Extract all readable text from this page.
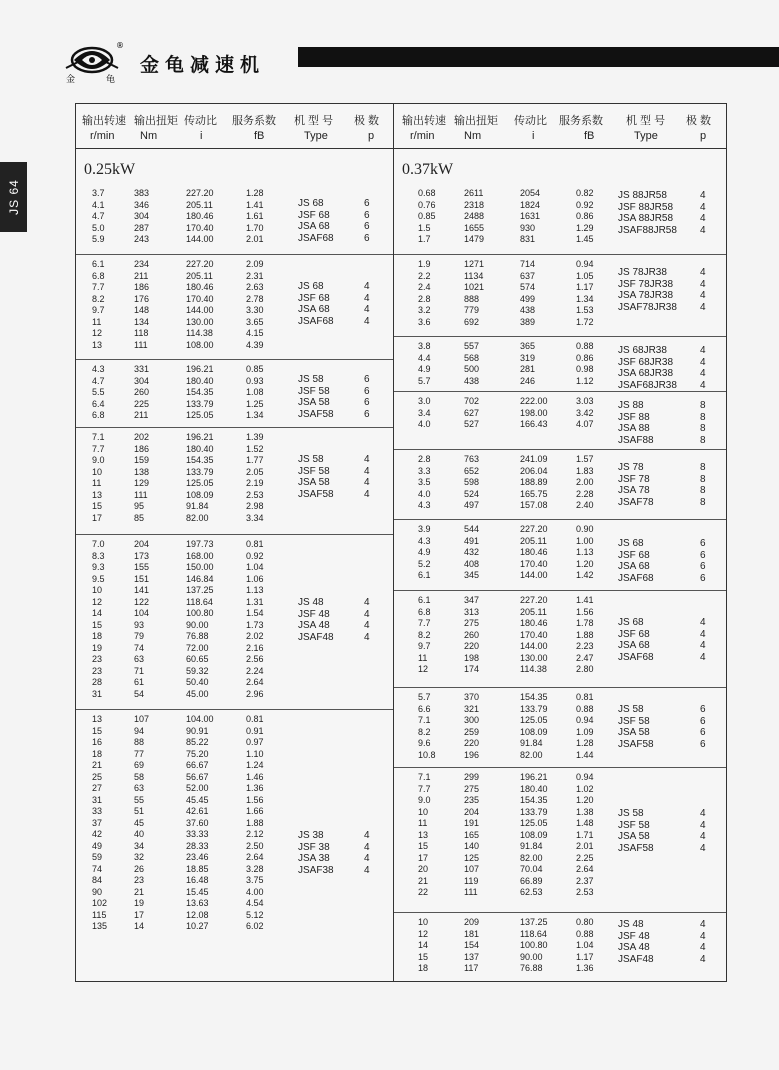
JS 64
金	龟
®
金龟减速机
输出转速
r/min
输出扭矩
Nm
传动比
i
服务系数
fB
机 型 号
Type
极 数
p
0.25kW
3.7	383	227.20	1.28
4.1	346	205.11	1.41
4.7	304	180.46	1.61
5.0	287	170.40	1.70
5.9	243	144.00	2.01
JS 68	6
JSF 68	6
JSA 68	6
JSAF68	6
6.1	234	227.20	2.09
6.8	211	205.11	2.31
7.7	186	180.46	2.63
8.2	176	170.40	2.78
9.7	148	144.00	3.30
11	134	130.00	3.65
12	118	114.38	4.15
13	111	108.00	4.39
JS 68	4
JSF 68	4
JSA 68	4
JSAF68	4
4.3	331	196.21	0.85
4.7	304	180.40	0.93
5.5	260	154.35	1.08
6.4	225	133.79	1.25
6.8	211	125.05	1.34
JS 58	6
JSF 58	6
JSA 58	6
JSAF58	6
7.1	202	196.21	1.39
7.7	186	180.40	1.52
9.0	159	154.35	1.77
10	138	133.79	2.05
11	129	125.05	2.19
13	111	108.09	2.53
15	95	91.84	2.98
17	85	82.00	3.34
JS 58	4
JSF 58	4
JSA 58	4
JSAF58	4
7.0	204	197.73	0.81
8.3	173	168.00	0.92
9.3	155	150.00	1.04
9.5	151	146.84	1.06
10	141	137.25	1.13
12	122	118.64	1.31
14	104	100.80	1.54
15	93	90.00	1.73
18	79	76.88	2.02
19	74	72.00	2.16
23	63	60.65	2.56
23	71	59.32	2.24
28	61	50.40	2.64
31	54	45.00	2.96
JS 48	4
JSF 48	4
JSA 48	4
JSAF48	4
13	107	104.00	0.81
15	94	90.91	0.91
16	88	85.22	0.97
18	77	75.20	1.10
21	69	66.67	1.24
25	58	56.67	1.46
27	63	52.00	1.36
31	55	45.45	1.56
33	51	42.61	1.66
37	45	37.60	1.88
42	40	33.33	2.12
49	34	28.33	2.50
59	32	23.46	2.64
74	26	18.85	3.28
84	23	16.48	3.75
90	21	15.45	4.00
102	19	13.63	4.54
115	17	12.08	5.12
135	14	10.27	6.02
JS 38	4
JSF 38	4
JSA 38	4
JSAF38	4
输出转速
r/min
输出扭矩
Nm
传动比
i
服务系数
fB
机 型 号
Type
极 数
p
0.37kW
0.68	2611	2054	0.82
0.76	2318	1824	0.92
0.85	2488	1631	0.86
1.5	1655	930	1.29
1.7	1479	831	1.45
JS 88JR58	4
JSF 88JR58	4
JSA 88JR58	4
JSAF88JR58 4
1.9	1271	714	0.94
2.2	1134	637	1.05
2.4	1021	574	1.17
2.8	888	499	1.34
3.2	779	438	1.53
3.6	692	389	1.72
JS 78JR38	4
JSF 78JR38	4
JSA 78JR38	4
JSAF78JR38 4
3.8	557	365	0.88
4.4	568	319	0.86
4.9	500	281	0.98
5.7	438	246	1.12
JS 68JR38	4
JSF 68JR38	4
JSA 68JR38	4
JSAF68JR38 4
3.0	702	222.00	3.03
3.4	627	198.00	3.42
4.0	527	166.43	4.07
JS 88	8
JSF 88	8
JSA 88	8
JSAF88	8
2.8	763	241.09	1.57
3.3	652	206.04	1.83
3.5	598	188.89	2.00
4.0	524	165.75	2.28
4.3	497	157.08	2.40
JS 78	8
JSF 78	8
JSA 78	8
JSAF78	8
3.9	544	227.20	0.90
4.3	491	205.11	1.00
4.9	432	180.46	1.13
5.2	408	170.40	1.20
6.1	345	144.00	1.42
JS 68	6
JSF 68	6
JSA 68	6
JSAF68	6
6.1	347	227.20	1.41
6.8	313	205.11	1.56
7.7	275	180.46	1.78
8.2	260	170.40	1.88
9.7	220	144.00	2.23
11	198	130.00	2.47
12	174	114.38	2.80
JS 68	4
JSF 68	4
JSA 68	4
JSAF68	4
5.7	370	154.35	0.81
6.6	321	133.79	0.88
7.1	300	125.05	0.94
8.2	259	108.09	1.09
9.6	220	91.84	1.28
10.8	196	82.00	1.44
JS 58	6
JSF 58	6
JSA 58	6
JSAF58	6
7.1	299	196.21	0.94
7.7	275	180.40	1.02
9.0	235	154.35	1.20
10	204	133.79	1.38
11	191	125.05	1.48
13	165	108.09	1.71
15	140	91.84	2.01
17	125	82.00	2.25
20	107	70.04	2.64
21	119	66.89	2.37
22	111	62.53	2.53
JS 58	4
JSF 58	4
JSA 58	4
JSAF58	4
10	209	137.25	0.80
12	181	118.64	0.88
14	154	100.80	1.04
15	137	90.00	1.17
18	117	76.88	1.36
JS 48	4
JSF 48	4
JSA 48	4
JSAF48	4
